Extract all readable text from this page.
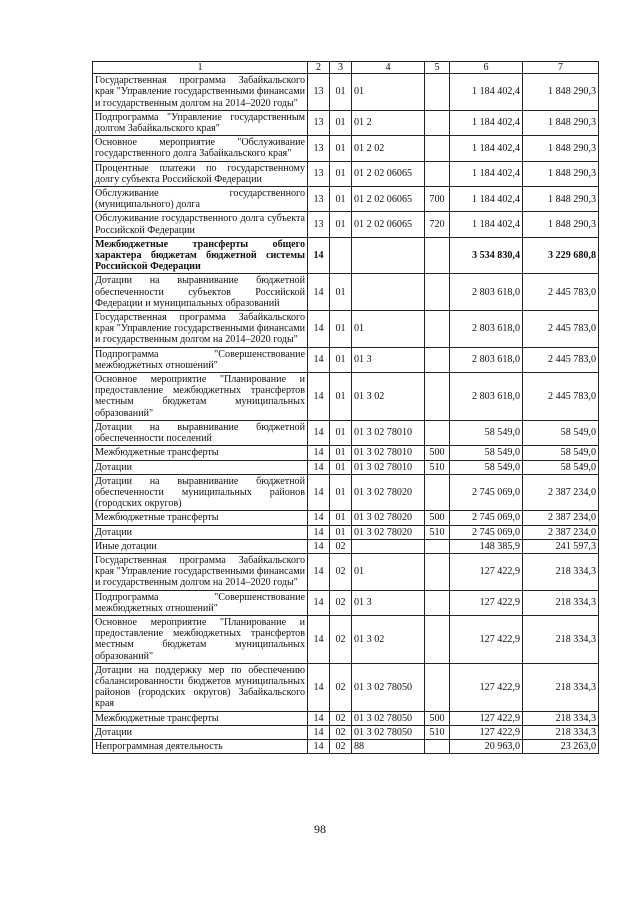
1	2	3	4	5	6	7
Государственная программа Забайкальского края "Управление государственными финансами и государственным долгом на 2014–2020 годы"	13	01	01		1 184 402,4	1 848 290,3
Подпрограмма "Управление государственным долгом Забайкальского края"	13	01	01 2		1 184 402,4	1 848 290,3
Основное мероприятие "Обслуживание государственного долга Забайкальского края"	13	01	01 2 02		1 184 402,4	1 848 290,3
Процентные платежи по государственному долгу субъекта Российской Федерации	13	01	01 2 02 06065		1 184 402,4	1 848 290,3
Обслуживание государственного (муниципального) долга	13	01	01 2 02 06065	700	1 184 402,4	1 848 290,3
Обслуживание государственного долга субъекта Российской Федерации	13	01	01 2 02 06065	720	1 184 402,4	1 848 290,3
Межбюджетные трансферты общего характера бюджетам бюджетной системы Российской Федерации	14				3 534 830,4	3 229 680,8
Дотации на выравнивание бюджетной обеспеченности субъектов Российской Федерации и муниципальных образований	14	01			2 803 618,0	2 445 783,0
Государственная программа Забайкальского края "Управление государственными финансами и государственным долгом на 2014–2020 годы"	14	01	01		2 803 618,0	2 445 783,0
Подпрограмма "Совершенствование межбюджетных отношений"	14	01	01 3		2 803 618,0	2 445 783,0
Основное мероприятие "Планирование и предоставление межбюджетных трансфертов местным бюджетам муниципальных образований"	14	01	01 3 02		2 803 618,0	2 445 783,0
Дотации на выравнивание бюджетной обеспеченности поселений	14	01	01 3 02 78010		58 549,0	58 549,0
Межбюджетные трансферты	14	01	01 3 02 78010	500	58 549,0	58 549,0
Дотации	14	01	01 3 02 78010	510	58 549,0	58 549,0
Дотации на выравнивание бюджетной обеспеченности муниципальных районов (городских округов)	14	01	01 3 02 78020		2 745 069,0	2 387 234,0
Межбюджетные трансферты	14	01	01 3 02 78020	500	2 745 069,0	2 387 234,0
Дотации	14	01	01 3 02 78020	510	2 745 069,0	2 387 234,0
Иные дотации	14	02			148 385,9	241 597,3
Государственная программа Забайкальского края "Управление государственными финансами и государственным долгом на 2014–2020 годы"	14	02	01		127 422,9	218 334,3
Подпрограмма "Совершенствование межбюджетных отношений"	14	02	01 3		127 422,9	218 334,3
Основное мероприятие "Планирование и предоставление межбюджетных трансфертов местным бюджетам муниципальных образований"	14	02	01 3 02		127 422,9	218 334,3
Дотации на поддержку мер по обеспечению сбалансированности бюджетов муниципальных районов (городских округов) Забайкальского края	14	02	01 3 02 78050		127 422,9	218 334,3
Межбюджетные трансферты	14	02	01 3 02 78050	500	127 422,9	218 334,3
Дотации	14	02	01 3 02 78050	510	127 422,9	218 334,3
Непрограммная деятельность	14	02	88		20 963,0	23 263,0
98
